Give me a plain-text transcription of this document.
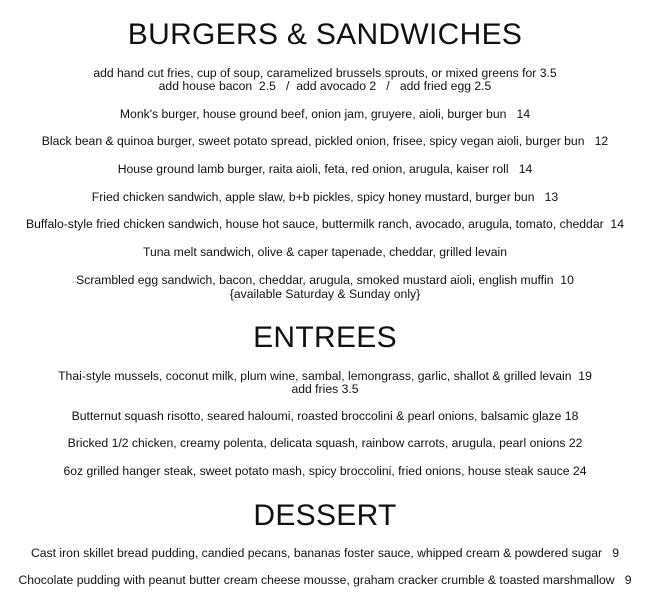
BURGERS & SANDWICHES
add hand cut fries, cup of soup, caramelized brussels sprouts, or mixed greens for 3.5
add house bacon  2.5   /  add avocado 2   /   add fried egg 2.5
Monk's burger, house ground beef, onion jam, gruyere, aioli, burger bun   14
Black bean & quinoa burger, sweet potato spread, pickled onion, frisee, spicy vegan aioli, burger bun   12
House ground lamb burger, raita aioli, feta, red onion, arugula, kaiser roll   14
Fried chicken sandwich, apple slaw, b+b pickles, spicy honey mustard, burger bun   13
Buffalo-style fried chicken sandwich, house hot sauce, buttermilk ranch, avocado, arugula, tomato, cheddar  14
Tuna melt sandwich, olive & caper tapenade, cheddar, grilled levain
Scrambled egg sandwich, bacon, cheddar, arugula, smoked mustard aioli, english muffin  10
{available Saturday & Sunday only}
ENTREES
Thai-style mussels, coconut milk, plum wine, sambal, lemongrass, garlic, shallot & grilled levain  19
add fries 3.5
Butternut squash risotto, seared haloumi, roasted broccolini & pearl onions, balsamic glaze 18
Bricked 1/2 chicken, creamy polenta, delicata squash, rainbow carrots, arugula, pearl onions 22
6oz grilled hanger steak, sweet potato mash, spicy broccolini, fried onions, house steak sauce 24
DESSERT
Cast iron skillet bread pudding, candied pecans, bananas foster sauce, whipped cream & powdered sugar   9
Chocolate pudding with peanut butter cream cheese mousse, graham cracker crumble & toasted marshmallow   9
